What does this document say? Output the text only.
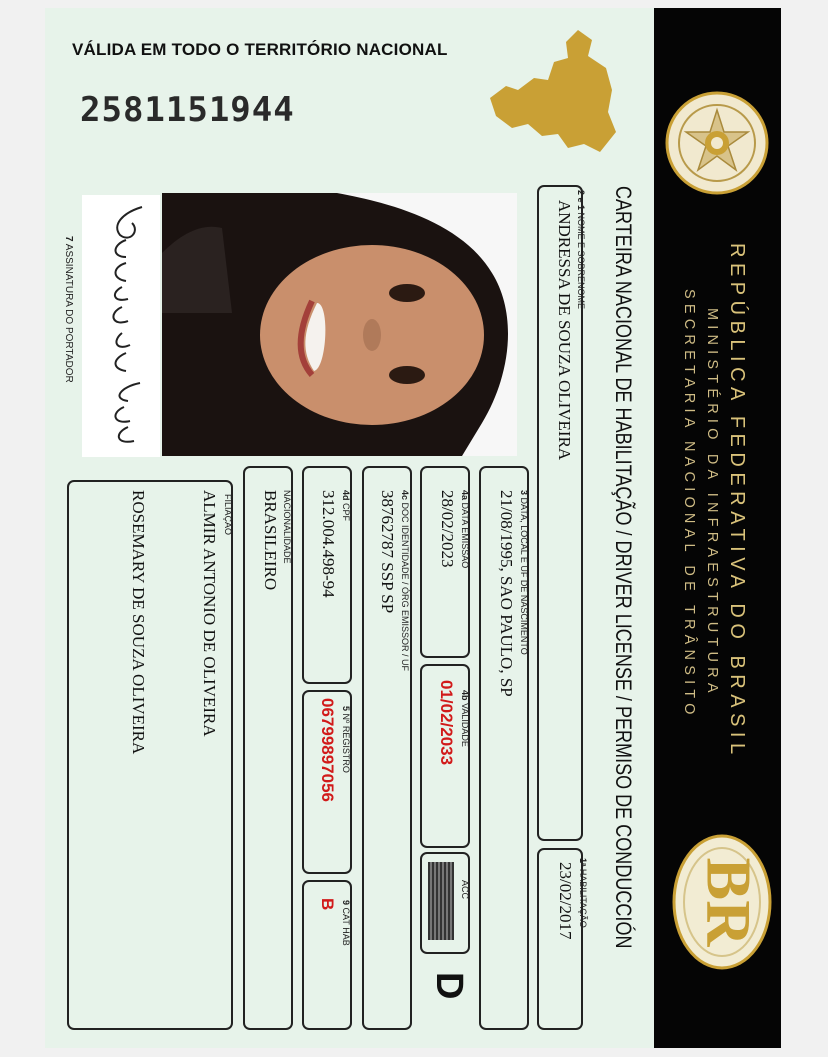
VÁLIDA EM TODO O TERRITÓRIO NACIONAL
2581151944
REPÚBLICA FEDERATIVA DO BRASIL
MINISTÉRIO DA INFRAESTRUTURA
SECRETARIA NACIONAL DE TRÂNSITO
BR
CARTEIRA NACIONAL DE HABILITAÇÃO / DRIVER LICENSE / PERMISO DE CONDUCCIÓN
2 e 1 NOME E SOBRENOME
ANDRESSA DE SOUZA OLIVEIRA
1ª HABILITAÇÃO
23/02/2017
3 DATA, LOCAL E UF DE NASCIMENTO
21/08/1995, SAO PAULO, SP
4a DATA EMISSÃO
28/02/2023
4b VALIDADE
01/02/2033
ACC
D
4c DOC IDENTIDADE / ÓRG EMISSOR / UF
38762787 SSP SP
4d CPF
312.004.498-94
5 Nº REGISTRO
06799897056
9 CAT HAB
B
NACIONALIDADE
BRASILEIRO
FILIAÇÃO
ALMIR ANTONIO DE OLIVEIRA
ROSEMARY DE SOUZA OLIVEIRA
7 ASSINATURA DO PORTADOR
